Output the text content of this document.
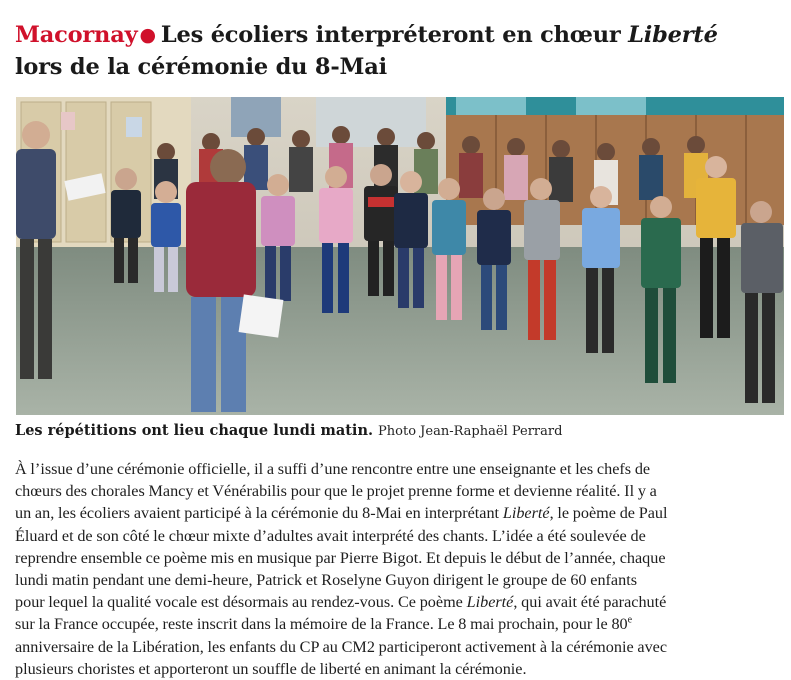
Macornay ● Les écoliers interpréteront en chœur Liberté
lors de la cérémonie du 8-Mai
Les répétitions ont lieu chaque lundi matin. Photo Jean-Raphaël Perrard
À l’issue d’une cérémonie officielle, il a suffi d’une rencontre entre une enseignante et les chefs de
chœurs des chorales Mancy et Vénérabilis pour que le projet prenne forme et devienne réalité. Il y a
un an, les écoliers avaient participé à la cérémonie du 8-Mai en interprétant Liberté, le poème de Paul
Éluard et de son côté le chœur mixte d’adultes avait interprété des chants. L’idée a été soulevée de
reprendre ensemble ce poème mis en musique par Pierre Bigot. Et depuis le début de l’année, chaque
lundi matin pendant une demi-heure, Patrick et Roselyne Guyon dirigent le groupe de 60 enfants
pour lequel la qualité vocale est désormais au rendez-vous. Ce poème Liberté, qui avait été parachuté
sur la France occupée, reste inscrit dans la mémoire de la France. Le 8 mai prochain, pour le 80e
anniversaire de la Libération, les enfants du CP au CM2 participeront activement à la cérémonie avec
plusieurs choristes et apporteront un souffle de liberté en animant la cérémonie.
